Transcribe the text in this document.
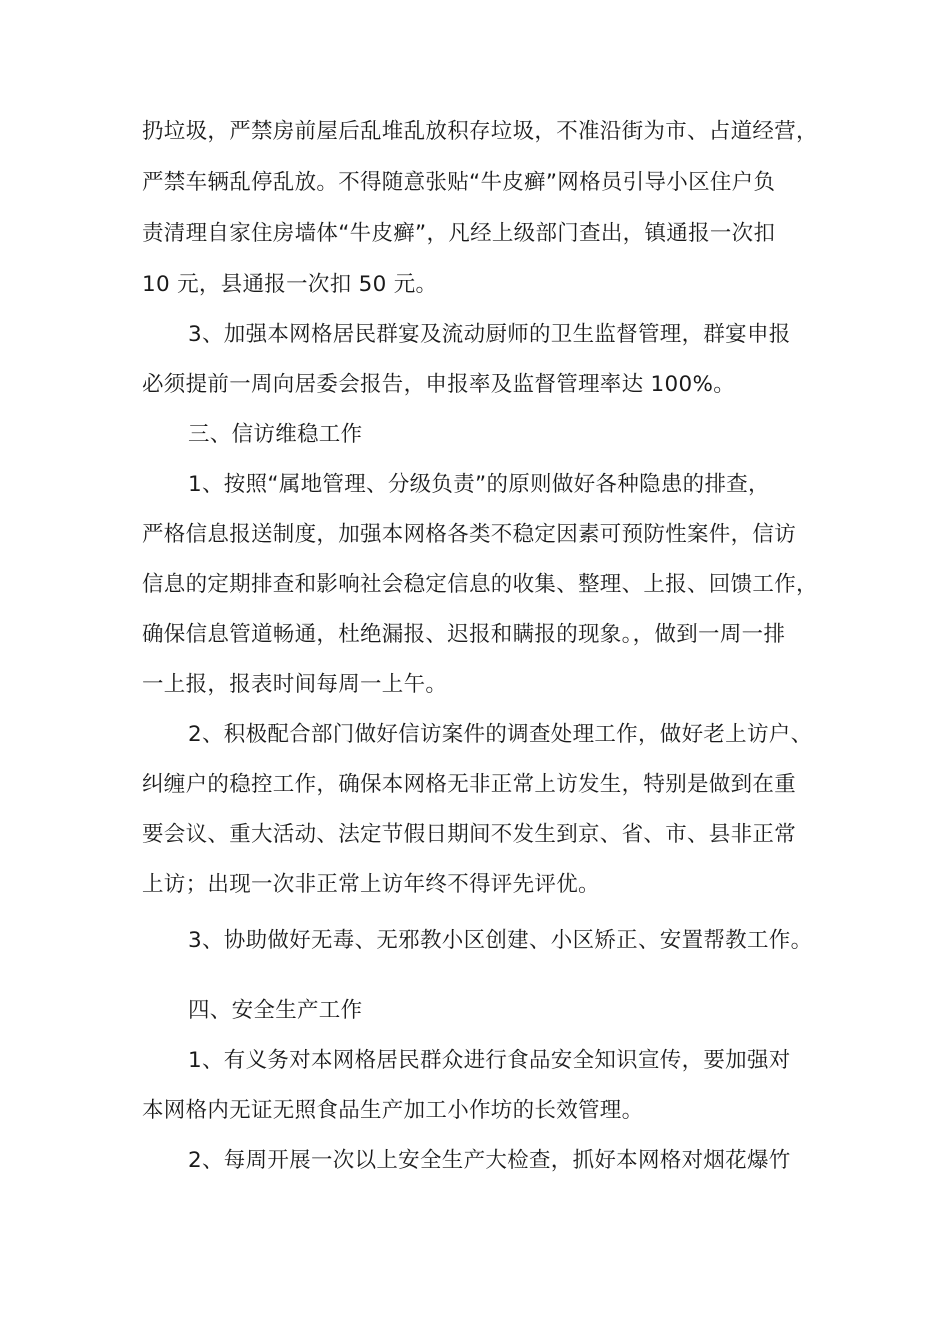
扔垃圾，严禁房前屋后乱堆乱放积存垃圾，不准沿街为市、占道经营，
严禁车辆乱停乱放。不得随意张贴“牛皮癣”网格员引导小区住户负
责清理自家住房墙体“牛皮癣”，凡经上级部门查出，镇通报一次扣
10 元，县通报一次扣 50 元。
3、加强本网格居民群宴及流动厨师的卫生监督管理，群宴申报
必须提前一周向居委会报告，申报率及监督管理率达 100%。
三、信访维稳工作
1、按照“属地管理、分级负责”的原则做好各种隐患的排查，
严格信息报送制度，加强本网格各类不稳定因素可预防性案件，信访
信息的定期排查和影响社会稳定信息的收集、整理、上报、回馈工作，
确保信息管道畅通，杜绝漏报、迟报和瞒报的现象。，做到一周一排
一上报，报表时间每周一上午。
2、积极配合部门做好信访案件的调查处理工作，做好老上访户、
纠缠户的稳控工作，确保本网格无非正常上访发生，特别是做到在重
要会议、重大活动、法定节假日期间不发生到京、省、市、县非正常
上访；出现一次非正常上访年终不得评先评优。
3、协助做好无毒、无邪教小区创建、小区矫正、安置帮教工作。
四、安全生产工作
1、有义务对本网格居民群众进行食品安全知识宣传，要加强对
本网格内无证无照食品生产加工小作坊的长效管理。
2、每周开展一次以上安全生产大检查，抓好本网格对烟花爆竹
